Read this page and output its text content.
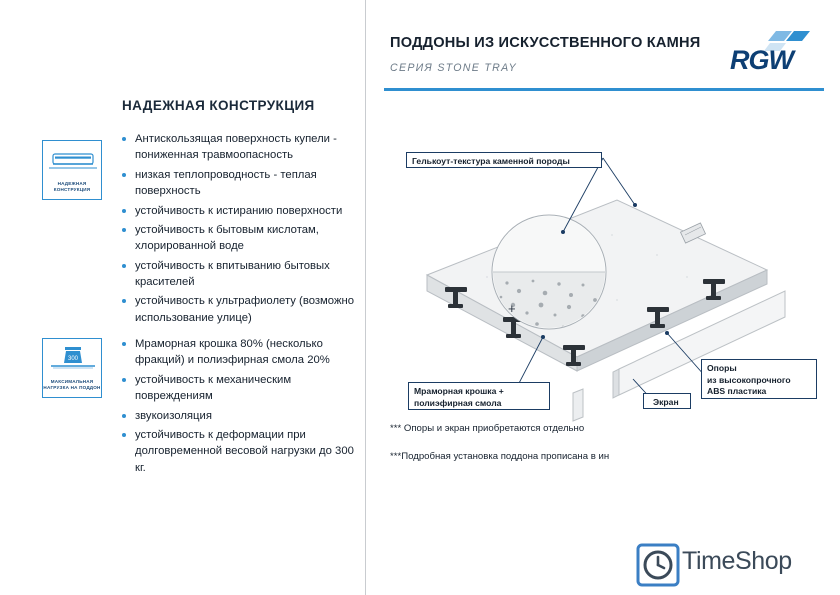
НАДЕЖНАЯ КОНСТРУКЦИЯ
НАДЕЖНАЯ
КОНСТРУКЦИЯ
300
МАКСИМАЛЬНАЯ
НАГРУЗКА НА ПОДДОН
Антискользящая поверхность купели - пониженная травмоопасность
низкая теплопроводность - теплая поверхность
устойчивость к истиранию поверхности
устойчивость к бытовым кислотам, хлорированной воде
устойчивость к впитыванию бытовых красителей
устойчивость к ультрафиолету (возможно использование улице)
Мраморная крошка 80% (несколько фракций) и полиэфирная смола 20%
устойчивость к механическим повреждениям
звукоизоляция
устойчивость к деформации при долговременной весовой нагрузки до 300 кг.
ПОДДОНЫ ИЗ ИСКУССТВЕННОГО КАМНЯ
СЕРИЯ STONE TRAY	RGW
+
Гелькоут-текстура каменной породы
Мраморная крошка +
полиэфирная смола	Экран
Опоры
из высокопрочного
ABS пластика
*** Опоры и экран приобретаются отдельно
***Подробная установка поддона прописана в ин
TimeShop
